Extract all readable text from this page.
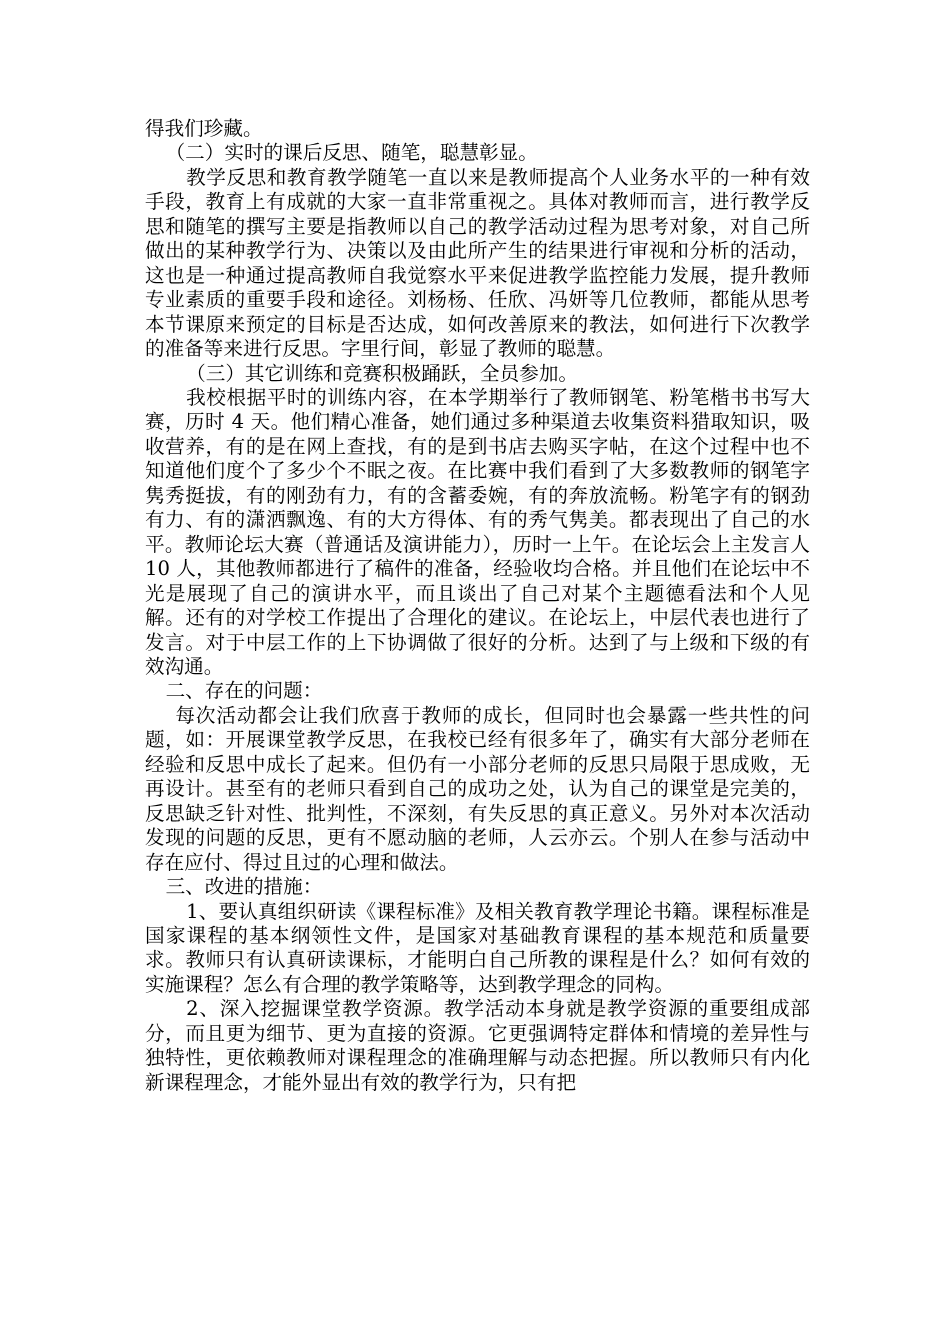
得我们珍藏。

（二）实时的课后反思、随笔，聪慧彰显。

教学反思和教育教学随笔一直以来是教师提高个人业务水平的一种有效手段，教育上有成就的大家一直非常重视之。具体对教师而言，进行教学反思和随笔的撰写主要是指教师以自己的教学活动过程为思考对象，对自己所做出的某种教学行为、决策以及由此所产生的结果进行审视和分析的活动，这也是一种通过提高教师自我觉察水平来促进教学监控能力发展，提升教师专业素质的重要手段和途径。刘杨杨、任欣、冯妍等几位教师，都能从思考本节课原来预定的目标是否达成，如何改善原来的教法，如何进行下次教学的准备等来进行反思。字里行间，彰显了教师的聪慧。

（三）其它训练和竞赛积极踊跃，全员参加。

我校根据平时的训练内容，在本学期举行了教师钢笔、粉笔楷书书写大赛，历时 4 天。他们精心准备，她们通过多种渠道去收集资料猎取知识，吸收营养，有的是在网上查找，有的是到书店去购买字帖，在这个过程中也不知道他们度个了多少个不眠之夜。在比赛中我们看到了大多数教师的钢笔字隽秀挺拔，有的刚劲有力，有的含蓄委婉，有的奔放流畅。粉笔字有的钢劲有力、有的潇洒飘逸、有的大方得体、有的秀气隽美。都表现出了自己的水平。教师论坛大赛（普通话及演讲能力），历时一上午。在论坛会上主发言人 10 人，其他教师都进行了稿件的准备，经验收均合格。并且他们在论坛中不光是展现了自己的演讲水平，而且谈出了自己对某个主题德看法和个人见解。还有的对学校工作提出了合理化的建议。在论坛上，中层代表也进行了发言。对于中层工作的上下协调做了很好的分析。达到了与上级和下级的有效沟通。

二、存在的问题：

每次活动都会让我们欣喜于教师的成长，但同时也会暴露一些共性的问题，如：开展课堂教学反思，在我校已经有很多年了，确实有大部分老师在经验和反思中成长了起来。但仍有一小部分老师的反思只局限于思成败，无再设计。甚至有的老师只看到自己的成功之处，认为自己的课堂是完美的，反思缺乏针对性、批判性，不深刻，有失反思的真正意义。另外对本次活动发现的问题的反思，更有不愿动脑的老师，人云亦云。个别人在参与活动中存在应付、得过且过的心理和做法。

三、改进的措施：

1、要认真组织研读《课程标准》及相关教育教学理论书籍。课程标准是国家课程的基本纲领性文件，是国家对基础教育课程的基本规范和质量要求。教师只有认真研读课标，才能明白自己所教的课程是什么？如何有效的实施课程？怎么有合理的教学策略等，达到教学理念的同构。

2、深入挖掘课堂教学资源。教学活动本身就是教学资源的重要组成部分，而且更为细节、更为直接的资源。它更强调特定群体和情境的差异性与独特性，更依赖教师对课程理念的准确理解与动态把握。所以教师只有内化新课程理念，才能外显出有效的教学行为，只有把
